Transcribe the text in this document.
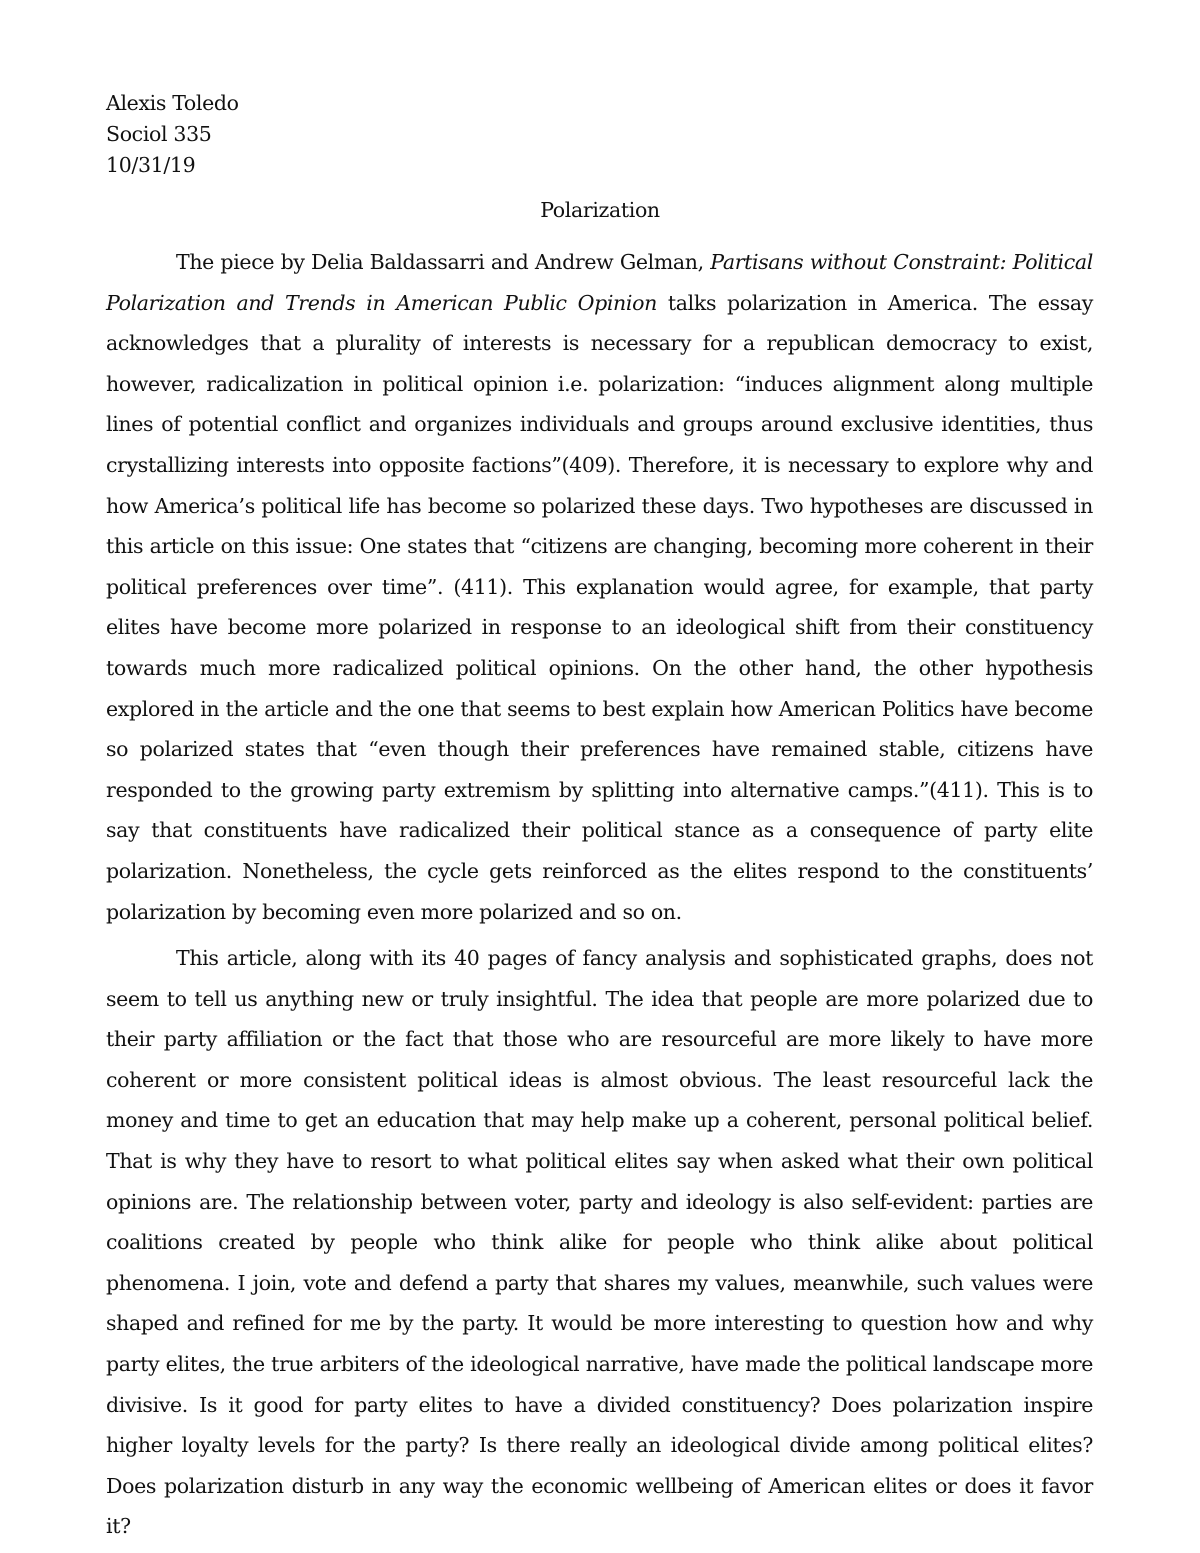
Alexis Toledo
Sociol 335
10/31/19
Polarization

The piece by Delia Baldassarri and Andrew Gelman, Partisans without Constraint: Political Polarization and Trends in American Public Opinion talks polarization in America. The essay acknowledges that a plurality of interests is necessary for a republican democracy to exist, however, radicalization in political opinion i.e. polarization: “induces alignment along multiple lines of potential conflict and organizes individuals and groups around exclusive identities, thus crystallizing interests into opposite factions”(409). Therefore, it is necessary to explore why and how America’s political life has become so polarized these days. Two hypotheses are discussed in this article on this issue: One states that “citizens are changing, becoming more coherent in their political preferences over time”. (411). This explanation would agree, for example, that party elites have become more polarized in response to an ideological shift from their constituency towards much more radicalized political opinions. On the other hand, the other hypothesis explored in the article and the one that seems to best explain how American Politics have become so polarized states that “even though their preferences have remained stable, citizens have responded to the growing party extremism by splitting into alternative camps.”(411). This is to say that constituents have radicalized their political stance as a consequence of party elite polarization. Nonetheless, the cycle gets reinforced as the elites respond to the constituents’ polarization by becoming even more polarized and so on.

This article, along with its 40 pages of fancy analysis and sophisticated graphs, does not seem to tell us anything new or truly insightful. The idea that people are more polarized due to their party affiliation or the fact that those who are resourceful are more likely to have more coherent or more consistent political ideas is almost obvious. The least resourceful lack the money and time to get an education that may help make up a coherent, personal political belief. That is why they have to resort to what political elites say when asked what their own political opinions are. The relationship between voter, party and ideology is also self-evident: parties are coalitions created by people who think alike for people who think alike about political phenomena. I join, vote and defend a party that shares my values, meanwhile, such values were shaped and refined for me by the party. It would be more interesting to question how and why party elites, the true arbiters of the ideological narrative, have made the political landscape more divisive. Is it good for party elites to have a divided constituency? Does polarization inspire higher loyalty levels for the party? Is there really an ideological divide among political elites? Does polarization disturb in any way the economic wellbeing of American elites or does it favor it?
